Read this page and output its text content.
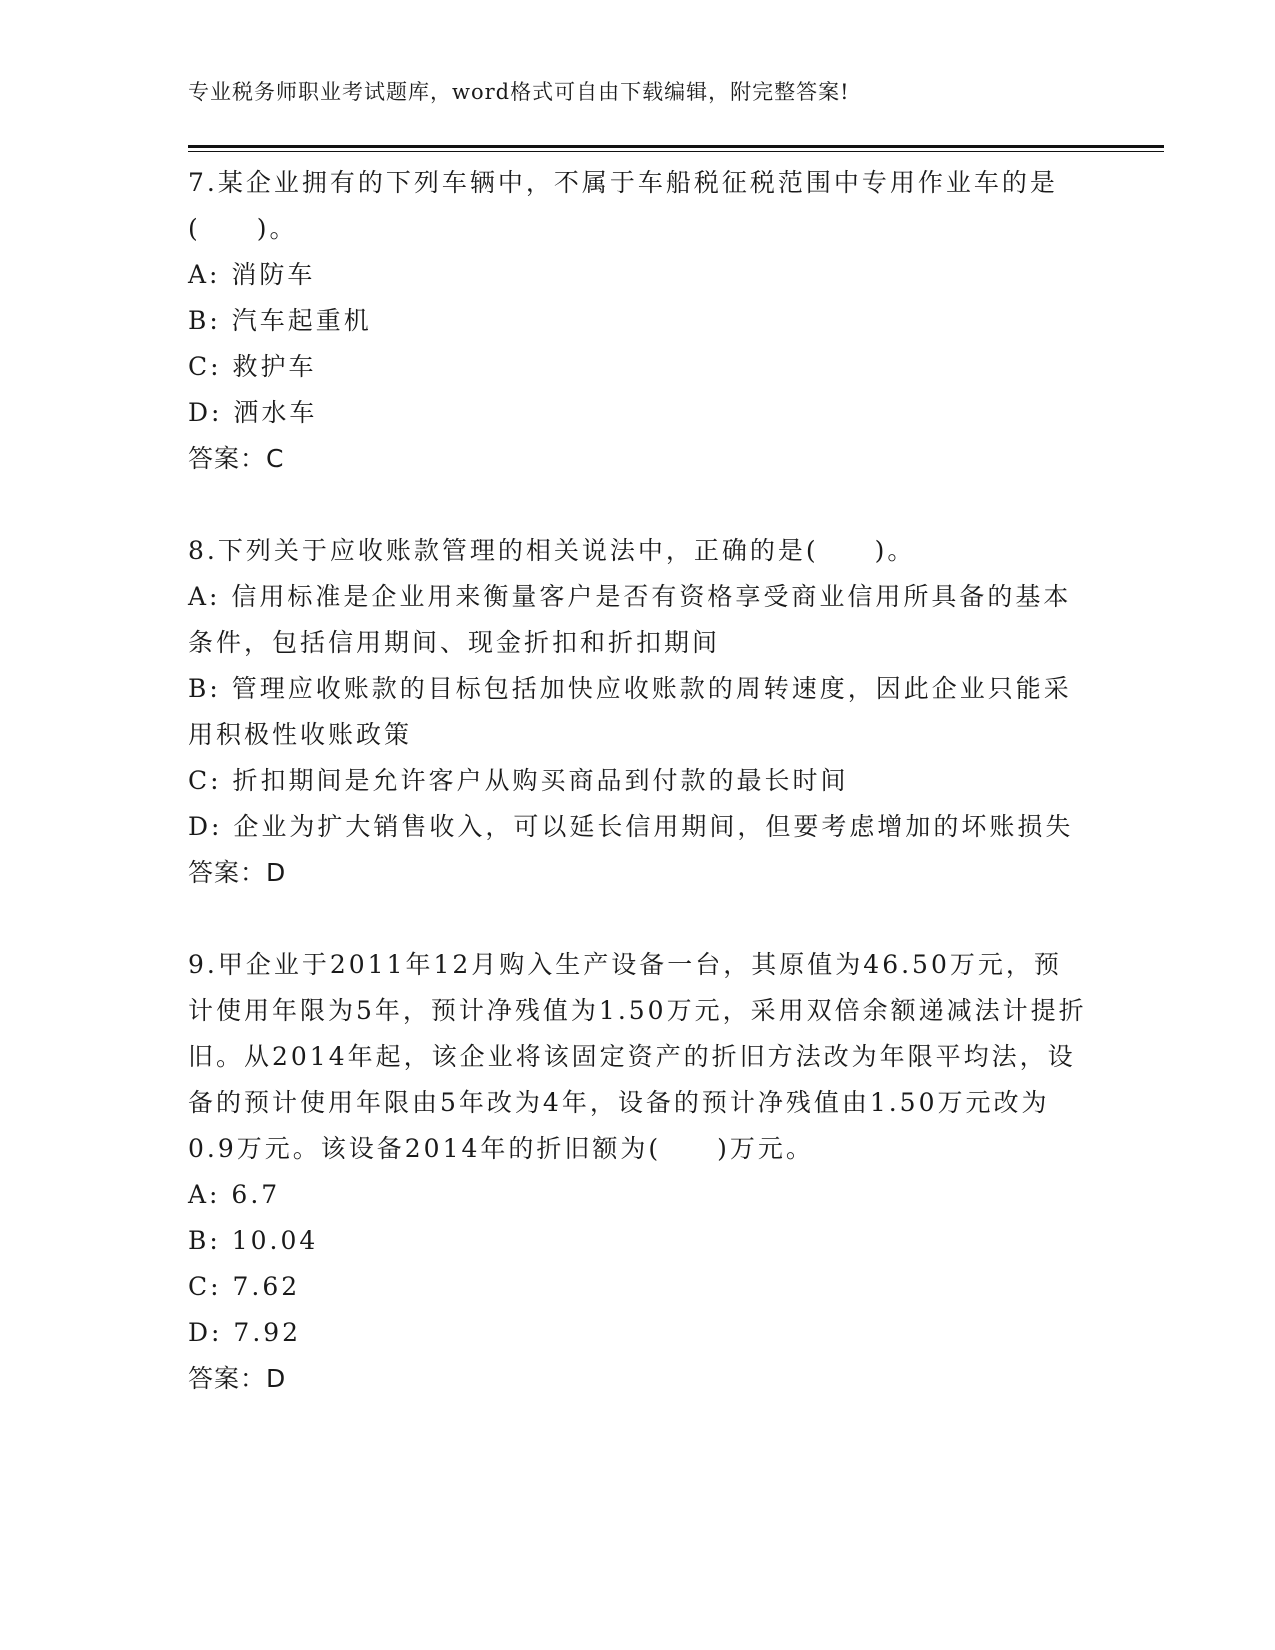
专业税务师职业考试题库，word格式可自由下载编辑，附完整答案!

7.某企业拥有的下列车辆中，不属于车船税征税范围中专用作业车的是(　　)。

A: 消防车

B: 汽车起重机

C: 救护车

D: 洒水车

答案：C

8.下列关于应收账款管理的相关说法中，正确的是(　　)。

A: 信用标准是企业用来衡量客户是否有资格享受商业信用所具备的基本条件，包括信用期间、现金折扣和折扣期间

B: 管理应收账款的目标包括加快应收账款的周转速度，因此企业只能采用积极性收账政策

C: 折扣期间是允许客户从购买商品到付款的最长时间

D: 企业为扩大销售收入，可以延长信用期间，但要考虑增加的坏账损失

答案：D

9.甲企业于2011年12月购入生产设备一台，其原值为46.50万元，预计使用年限为5年，预计净残值为1.50万元，采用双倍余额递减法计提折旧。从2014年起，该企业将该固定资产的折旧方法改为年限平均法，设备的预计使用年限由5年改为4年，设备的预计净残值由1.50万元改为0.9万元。该设备2014年的折旧额为(　　)万元。

A: 6.7

B: 10.04

C: 7.62

D: 7.92

答案：D
